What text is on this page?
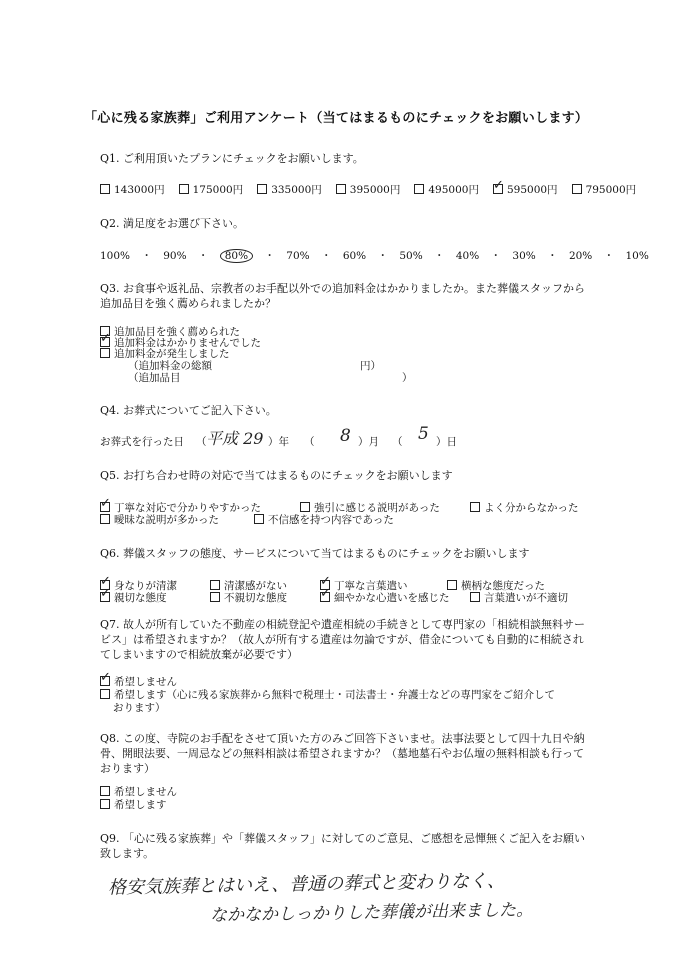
「心に残る家族葬」ご利用アンケート（当てはまるものにチェックをお願いします）
Q1. ご利用頂いたプランにチェックをお願いします。
143000円	175000円	335000円	395000円	495000円 ✓	595000円	795000円
Q2. 満足度をお選び下さい。
100% ・ 90% ・ 80% ・ 70% ・ 60% ・ 50% ・ 40% ・ 30% ・ 20% ・ 10%
Q3. お食事や返礼品、宗教者のお手配以外での追加料金はかかりましたか。また葬儀スタッフから
追加品目を強く薦められましたか？
追加品目を強く薦められた
✓追加料金はかかりませんでした
追加料金が発生しました
（追加料金の総額	円）
（追加品目	）
Q4. お葬式についてご記入下さい。
お葬式を行った日 （ 平成 29 ）年 （ 8 ）月 （ 5 ）日
Q5. お打ち合わせ時の対応で当てはまるものにチェックをお願いします
✓丁寧な対応で分かりやすかった	強引に感じる説明があった	よく分からなかった
曖昧な説明が多かった	不信感を持つ内容であった
Q6. 葬儀スタッフの態度、サービスについて当てはまるものにチェックをお願いします
✓身なりが清潔	清潔感がない ✓	丁寧な言葉遣い	横柄な態度だった
✓親切な態度	不親切な態度 ✓	細やかな心遣いを感じた	言葉遣いが不適切
Q7. 故人が所有していた不動産の相続登記や遺産相続の手続きとして専門家の「相続相談無料サー
ビス」は希望されますか？（故人が所有する遺産は勿論ですが、借金についても自動的に相続され
てしまいますので相続放棄が必要です）
✓希望しません
希望します（心に残る家族葬から無料で税理士・司法書士・弁護士などの専門家をご紹介して
おります）
Q8. この度、寺院のお手配をさせて頂いた方のみご回答下さいませ。法事法要として四十九日や納
骨、開眼法要、一周忌などの無料相談は希望されますか？（墓地墓石やお仏壇の無料相談も行って
おります）
希望しません
希望します
Q9. 「心に残る家族葬」や「葬儀スタッフ」に対してのご意見、ご感想を忌憚無くご記入をお願い
致します。
格安気族葬とはいえ、普通の葬式と変わりなく、
なかなかしっかりした葬儀が出来ました。
